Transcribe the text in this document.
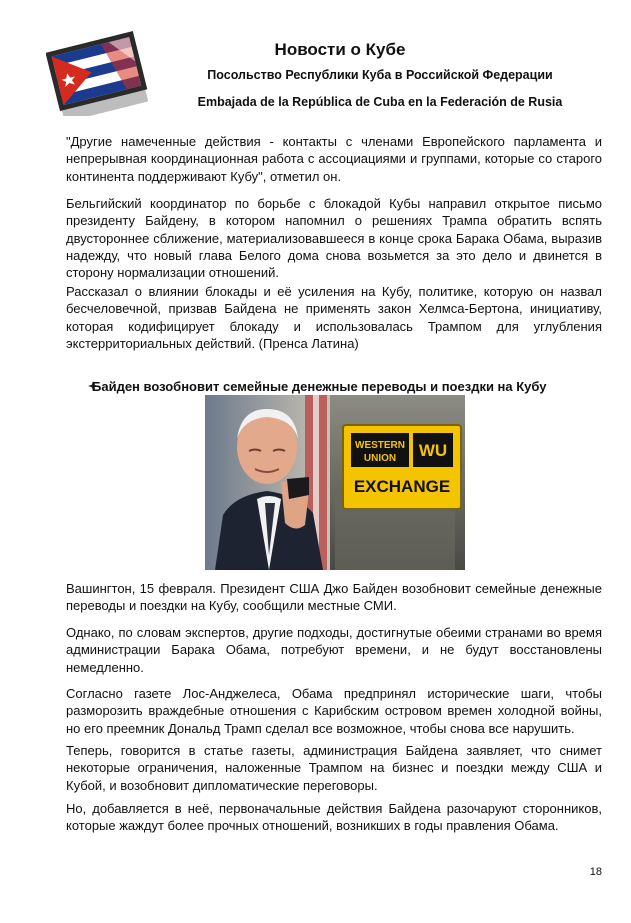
Новости о Кубе

Посольство Республики Куба в Российской Федерации

Embajada de la República de Cuba en la Federación de Rusia

"Другие намеченные действия - контакты с членами Европейского парламента и непрерывная координационная работа с ассоциациями и группами, которые со старого континента поддерживают Кубу", отметил он.

Бельгийский координатор по борьбе с блокадой Кубы направил открытое письмо президенту Байдену, в котором напомнил о решениях Трампа обратить вспять двустороннее сближение, материализовавшееся в конце срока Барака Обама, выразив надежду, что новый глава Белого дома снова возьмется за это дело и двинется в сторону нормализации отношений.

Рассказал о влиянии блокады и её усиления на Кубу, политике, которую он назвал бесчеловечной, призвав Байдена не применять закон Хелмса-Бертона, инициативу, которая кодифицирует блокаду и использовалась Трампом для углубления экстерриториальных действий. (Пренса Латина)

Байден возобновит семейные денежные переводы и поездки на Кубу

WESTERN
UNION WU
EXCHANGE

Вашингтон, 15 февраля. Президент США Джо Байден возобновит семейные денежные переводы и поездки на Кубу, сообщили местные СМИ.

Однако, по словам экспертов, другие подходы, достигнутые обеими странами во время администрации Барака Обама, потребуют времени, и не будут восстановлены немедленно.

Согласно газете Лос-Анджелеса, Обама предпринял исторические шаги, чтобы разморозить враждебные отношения с Карибским островом времен холодной войны, но его преемник Дональд Трамп сделал все возможное, чтобы снова все нарушить.

Теперь, говорится в статье газеты, администрация Байдена заявляет, что снимет некоторые ограничения, наложенные Трампом на бизнес и поездки между США и Кубой, и возобновит дипломатические переговоры.

Но, добавляется в неё, первоначальные действия Байдена разочаруют сторонников, которые жаждут более прочных отношений, возникших в годы правления Обама.

18
